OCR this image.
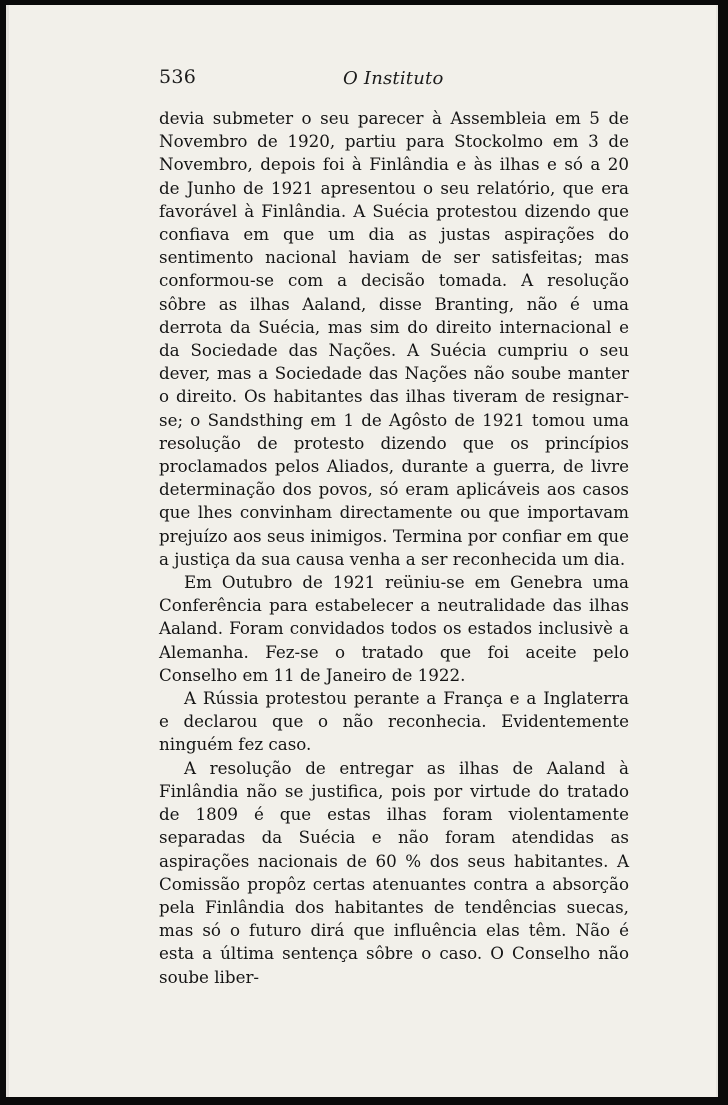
536	O Instituto

devia submeter o seu parecer à Assembleia em 5 de Novembro de 1920, partiu para Stockolmo em 3 de Novembro, depois foi à Finlândia e às ilhas e só a 20 de Junho de 1921 apresentou o seu relatório, que era favorável à Finlândia. A Suécia protestou dizendo que confiava em que um dia as justas aspirações do sentimento nacional haviam de ser satisfeitas; mas conformou-se com a decisão tomada. A resolução sôbre as ilhas Aaland, disse Branting, não é uma derrota da Suécia, mas sim do direito internacional e da Sociedade das Nações. A Suécia cumpriu o seu dever, mas a Sociedade das Nações não soube manter o direito. Os habitantes das ilhas tiveram de resignar-se; o Sandsthing em 1 de Agôsto de 1921 tomou uma resolução de protesto dizendo que os princípios proclamados pelos Aliados, durante a guerra, de livre determinação dos povos, só eram aplicáveis aos casos que lhes convinham directamente ou que importavam prejuízo aos seus inimigos. Termina por confiar em que a justiça da sua causa venha a ser reconhecida um dia.

Em Outubro de 1921 reüniu-se em Genebra uma Conferência para estabelecer a neutralidade das ilhas Aaland. Foram convidados todos os estados inclusivè a Alemanha. Fez-se o tratado que foi aceite pelo Conselho em 11 de Janeiro de 1922.

A Rússia protestou perante a França e a Inglaterra e declarou que o não reconhecia. Evidentemente ninguém fez caso.

A resolução de entregar as ilhas de Aaland à Finlândia não se justifica, pois por virtude do tratado de 1809 é que estas ilhas foram violentamente separadas da Suécia e não foram atendidas as aspirações nacionais de 60 % dos seus habitantes. A Comissão propôz certas atenuantes contra a absorção pela Finlândia dos habitantes de tendências suecas, mas só o futuro dirá que influência elas têm. Não é esta a última sentença sôbre o caso. O Conselho não soube liber-
